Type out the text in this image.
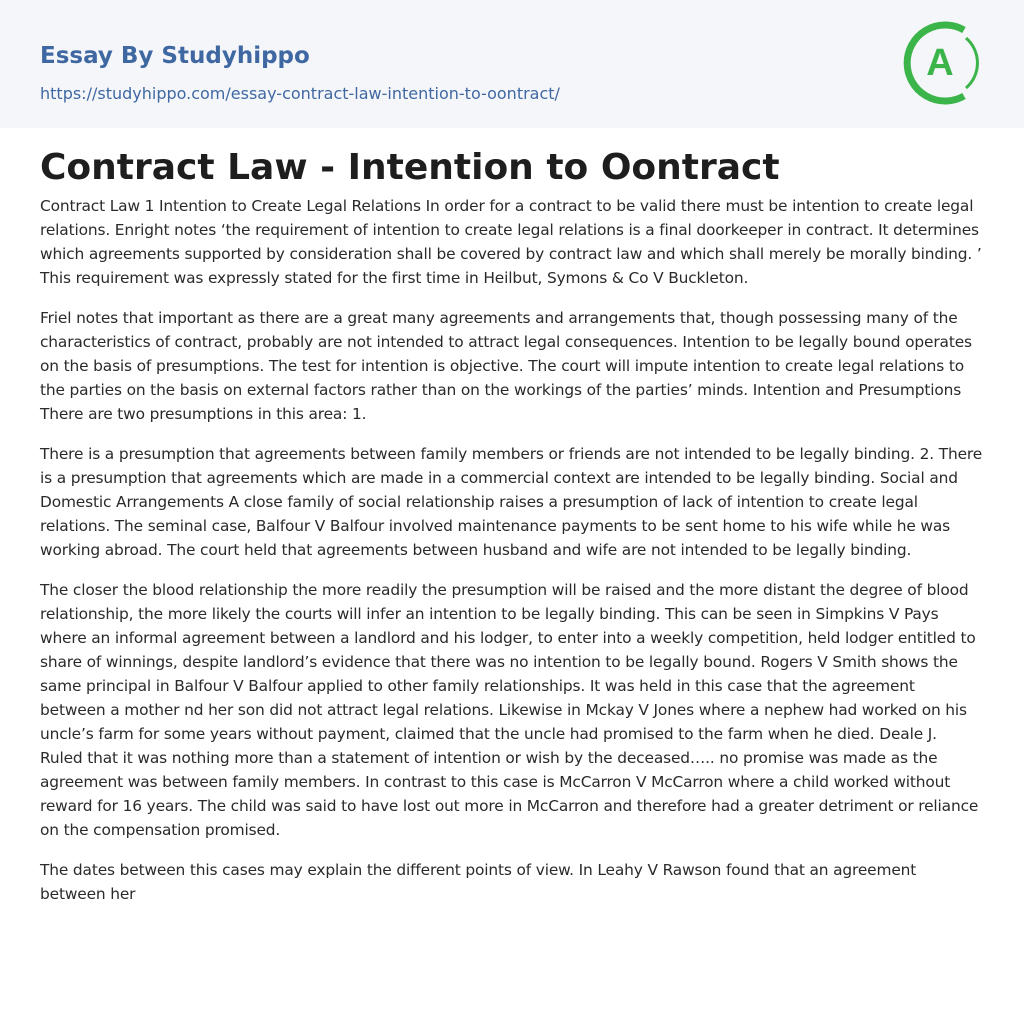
Essay By Studyhippo
https://studyhippo.com/essay-contract-law-intention-to-oontract/
A
Contract Law - Intention to Oontract

Contract Law 1 Intention to Create Legal Relations In order for a contract to be valid there must be intention to create legal relations. Enright notes ‘the requirement of intention to create legal relations is a final doorkeeper in contract. It determines which agreements supported by consideration shall be covered by contract law and which shall merely be morally binding. ’ This requirement was expressly stated for the first time in Heilbut, Symons & Co V Buckleton.

Friel notes that important as there are a great many agreements and arrangements that, though possessing many of the characteristics of contract, probably are not intended to attract legal consequences. Intention to be legally bound operates on the basis of presumptions. The test for intention is objective. The court will impute intention to create legal relations to the parties on the basis on external factors rather than on the workings of the parties’ minds. Intention and Presumptions There are two presumptions in this area: 1.

There is a presumption that agreements between family members or friends are not intended to be legally binding. 2. There is a presumption that agreements which are made in a commercial context are intended to be legally binding. Social and Domestic Arrangements A close family of social relationship raises a presumption of lack of intention to create legal relations. The seminal case, Balfour V Balfour involved maintenance payments to be sent home to his wife while he was working abroad. The court held that agreements between husband and wife are not intended to be legally binding.

The closer the blood relationship the more readily the presumption will be raised and the more distant the degree of blood relationship, the more likely the courts will infer an intention to be legally binding. This can be seen in Simpkins V Pays where an informal agreement between a landlord and his lodger, to enter into a weekly competition, held lodger entitled to share of winnings, despite landlord’s evidence that there was no intention to be legally bound. Rogers V Smith shows the same principal in Balfour V Balfour applied to other family relationships. It was held in this case that the agreement between a mother nd her son did not attract legal relations. Likewise in Mckay V Jones where a nephew had worked on his uncle’s farm for some years without payment, claimed that the uncle had promised to the farm when he died. Deale J. Ruled that it was nothing more than a statement of intention or wish by the deceased….. no promise was made as the agreement was between family members. In contrast to this case is McCarron V McCarron where a child worked without reward for 16 years. The child was said to have lost out more in McCarron and therefore had a greater detriment or reliance on the compensation promised.

The dates between this cases may explain the different points of view. In Leahy V Rawson found that an agreement between her
